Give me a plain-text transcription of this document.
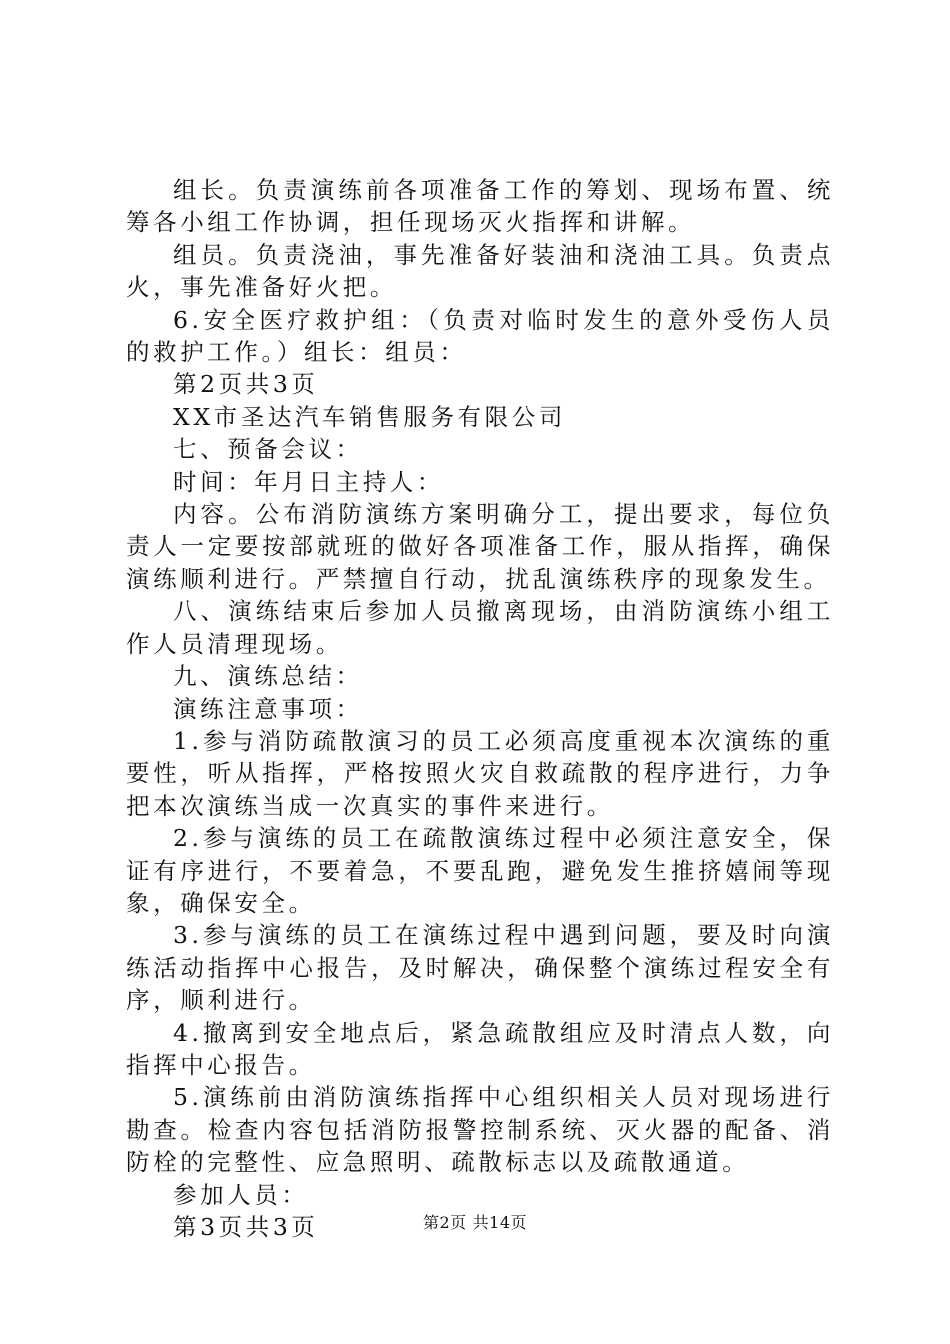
组长。负责演练前各项准备工作的筹划、现场布置、统筹各小组工作协调，担任现场灭火指挥和讲解。

组员。负责浇油，事先准备好装油和浇油工具。负责点火，事先准备好火把。

6.安全医疗救护组：（负责对临时发生的意外受伤人员的救护工作。）组长：组员：

第2页共3页

XX市圣达汽车销售服务有限公司

七、预备会议：

时间：年月日主持人：

内容。公布消防演练方案明确分工，提出要求，每位负责人一定要按部就班的做好各项准备工作，服从指挥，确保演练顺利进行。严禁擅自行动，扰乱演练秩序的现象发生。

八、演练结束后参加人员撤离现场，由消防演练小组工作人员清理现场。

九、演练总结：

演练注意事项：

1.参与消防疏散演习的员工必须高度重视本次演练的重要性，听从指挥，严格按照火灾自救疏散的程序进行，力争把本次演练当成一次真实的事件来进行。

2.参与演练的员工在疏散演练过程中必须注意安全，保证有序进行，不要着急，不要乱跑，避免发生推挤嬉闹等现象，确保安全。

3.参与演练的员工在演练过程中遇到问题，要及时向演练活动指挥中心报告，及时解决，确保整个演练过程安全有序，顺利进行。

4.撤离到安全地点后，紧急疏散组应及时清点人数，向指挥中心报告。

5.演练前由消防演练指挥中心组织相关人员对现场进行勘查。检查内容包括消防报警控制系统、灭火器的配备、消防栓的完整性、应急照明、疏散标志以及疏散通道。

参加人员：

第3页共3页	第2页 共14页
